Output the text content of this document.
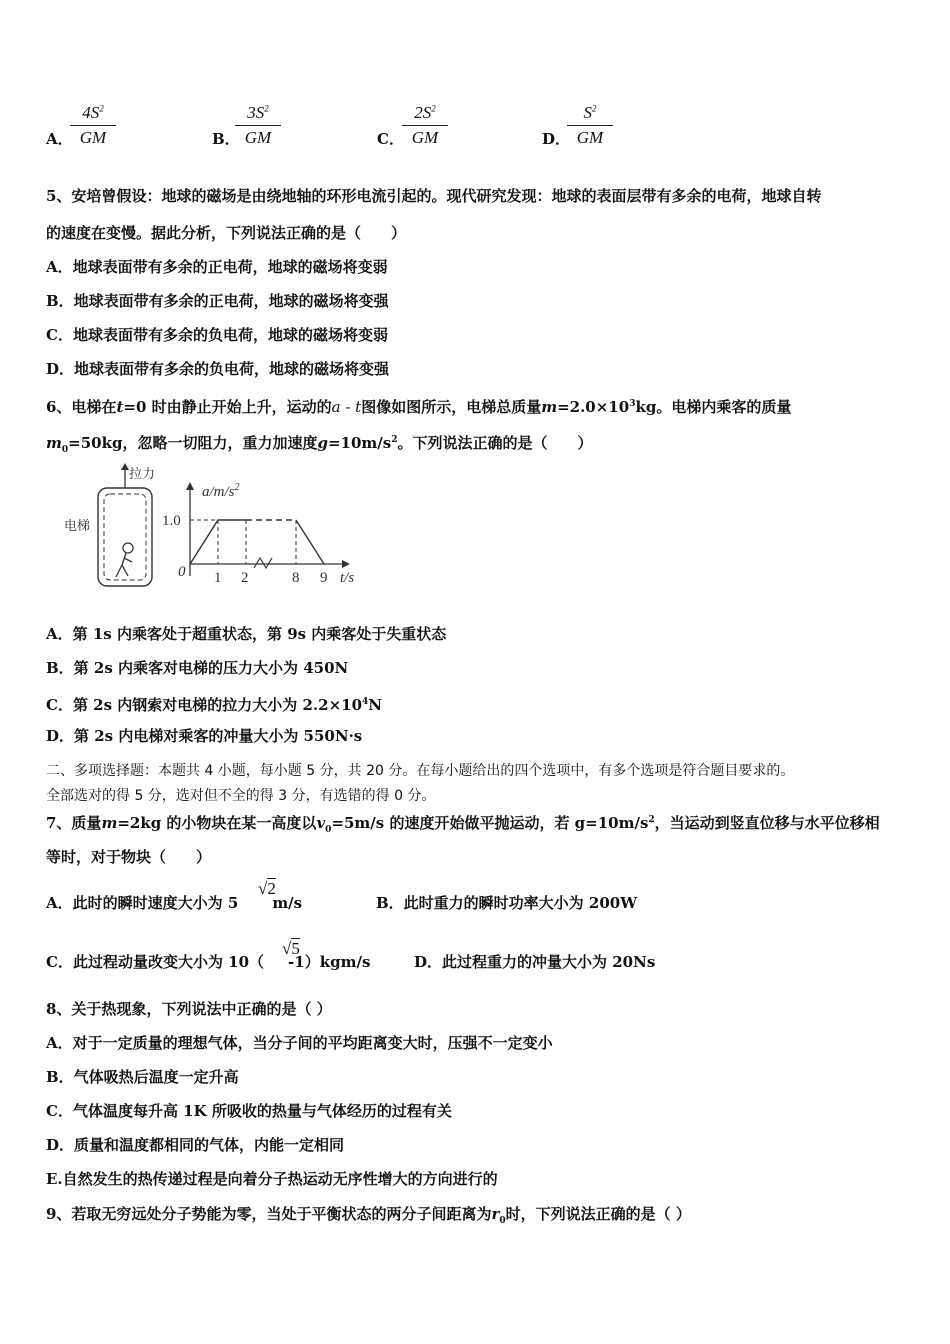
A．
$\frac{4S^2}{GM}$	B．
$\frac{3S^2}{GM}$	C．
$\frac{2S^2}{GM}$	D．
$\frac{S^2}{GM}$
5、安培曾假设：地球的磁场是由绕地轴的环形电流引起的。现代研究发现：地球的表面层带有多余的电荷，地球自转
的速度在变慢。据此分析，下列说法正确的是（　　）
A．地球表面带有多余的正电荷，地球的磁场将变弱
B．地球表面带有多余的正电荷，地球的磁场将变强
C．地球表面带有多余的负电荷，地球的磁场将变弱
D．地球表面带有多余的负电荷，地球的磁场将变强
6、电梯在t=0 时由静止开始上升，运动的a - t图像如图所示，电梯总质量$m=2.0\times 10^3kg$。电梯内乘客的质量
$m_0=50kg$，忽略一切阻力，重力加速度$g=10m/s^2$。下列说法正确的是（　　）
拉力
电梯
$a/m/s^2$
1.0
0 1 2	8 9 t/s
A．第 1s 内乘客处于超重状态，第 9s 内乘客处于失重状态
B．第 2s 内乘客对电梯的压力大小为 450N
C．第 2s 内钢索对电梯的拉力大小为 $2.2\times 10^4N$
D．第 2s 内电梯对乘客的冲量大小为 550N·s
二、多项选择题：本题共 4 小题，每小题 5 分，共 20 分。在每小题给出的四个选项中，有多个选项是符合题目要求的。
全部选对的得 5 分，选对但不全的得 3 分，有选错的得 0 分。
7、质量m=2kg 的小物块在某一高度以$v_0=5m/s$ 的速度开始做平抛运动，若 $g=10m/s^2$，当运动到竖直位移与水平位移相
等时，对于物块（　　）
A．此时的瞬时速度大小为 5 m/s
√2
B．此时重力的瞬时功率大小为 200W
C．此过程动量改变大小为 10（ -1）kgm/s
√5
D．此过程重力的冲量大小为 20Ns
8、关于热现象，下列说法中正确的是（ ）
A．对于一定质量的理想气体，当分子间的平均距离变大时，压强不一定变小
B．气体吸热后温度一定升高
C．气体温度每升高 1K 所吸收的热量与气体经历的过程有关
D．质量和温度都相同的气体，内能一定相同
E.自然发生的热传递过程是向着分子热运动无序性增大的方向进行的
9、若取无穷远处分子势能为零，当处于平衡状态的两分子间距离为$r_0$时，下列说法正确的是（ ）
